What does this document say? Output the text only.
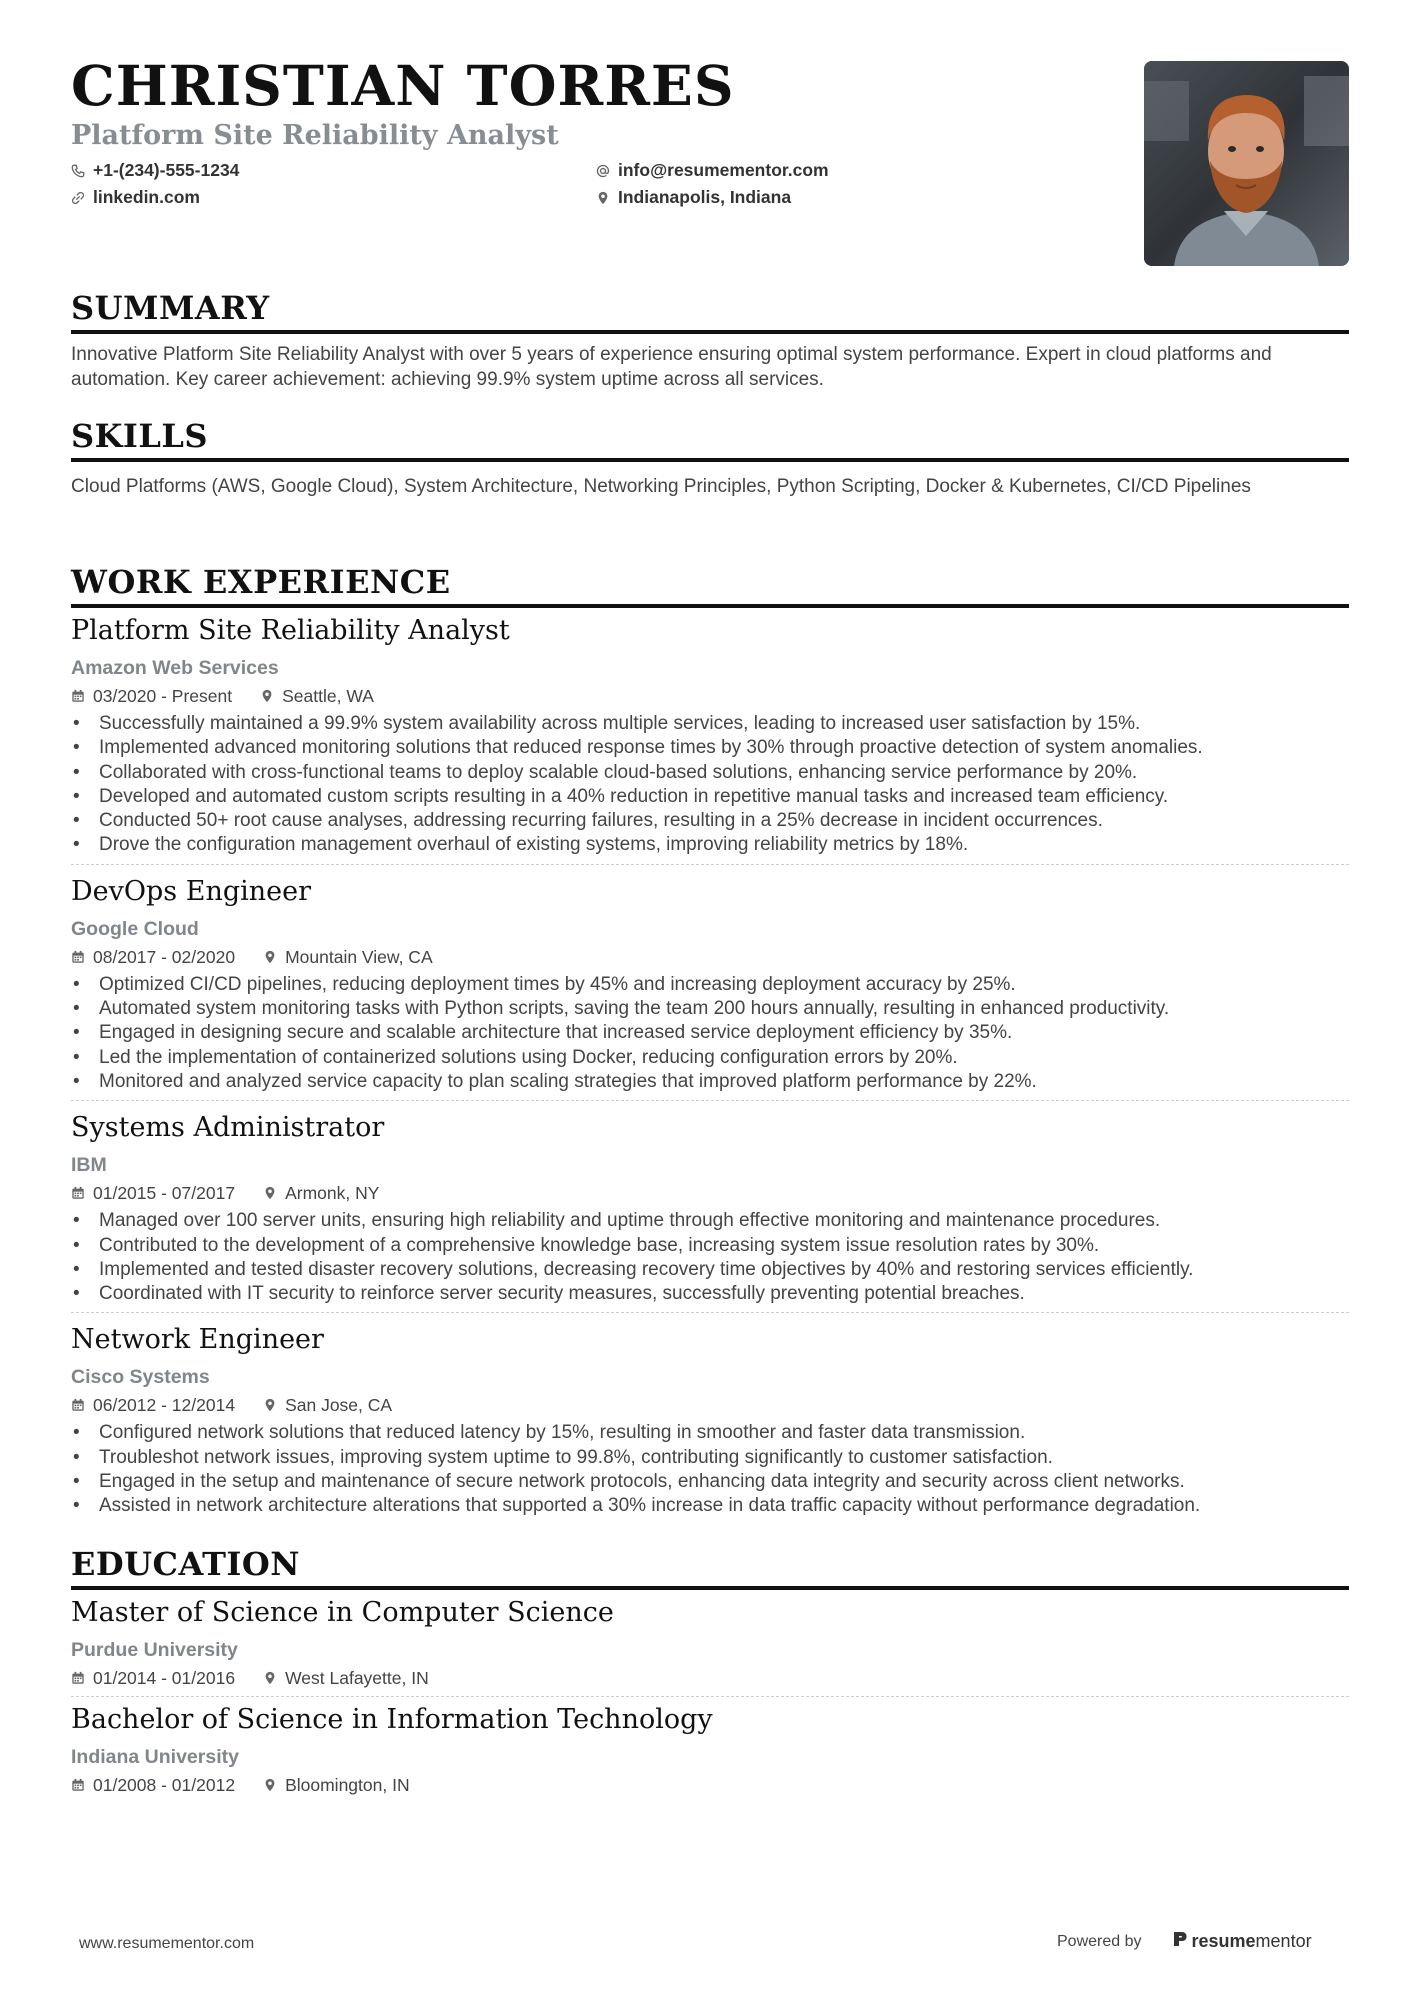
CHRISTIAN TORRES
Platform Site Reliability Analyst
+1-(234)-555-1234
linkedin.com
info@resumementor.com
Indianapolis, Indiana
SUMMARY
Innovative Platform Site Reliability Analyst with over 5 years of experience ensuring optimal system performance. Expert in cloud platforms and automation. Key career achievement: achieving 99.9% system uptime across all services.
SKILLS
Cloud Platforms (AWS, Google Cloud), System Architecture, Networking Principles, Python Scripting, Docker & Kubernetes, CI/CD Pipelines
WORK EXPERIENCE
Platform Site Reliability Analyst
Amazon Web Services
03/2020 - Present	Seattle, WA
• Successfully maintained a 99.9% system availability across multiple services, leading to increased user satisfaction by 15%.
• Implemented advanced monitoring solutions that reduced response times by 30% through proactive detection of system anomalies.
• Collaborated with cross-functional teams to deploy scalable cloud-based solutions, enhancing service performance by 20%.
• Developed and automated custom scripts resulting in a 40% reduction in repetitive manual tasks and increased team efficiency.
• Conducted 50+ root cause analyses, addressing recurring failures, resulting in a 25% decrease in incident occurrences.
• Drove the configuration management overhaul of existing systems, improving reliability metrics by 18%.
DevOps Engineer
Google Cloud
08/2017 - 02/2020	Mountain View, CA
• Optimized CI/CD pipelines, reducing deployment times by 45% and increasing deployment accuracy by 25%.
• Automated system monitoring tasks with Python scripts, saving the team 200 hours annually, resulting in enhanced productivity.
• Engaged in designing secure and scalable architecture that increased service deployment efficiency by 35%.
• Led the implementation of containerized solutions using Docker, reducing configuration errors by 20%.
• Monitored and analyzed service capacity to plan scaling strategies that improved platform performance by 22%.
Systems Administrator
IBM
01/2015 - 07/2017	Armonk, NY
• Managed over 100 server units, ensuring high reliability and uptime through effective monitoring and maintenance procedures.
• Contributed to the development of a comprehensive knowledge base, increasing system issue resolution rates by 30%.
• Implemented and tested disaster recovery solutions, decreasing recovery time objectives by 40% and restoring services efficiently.
• Coordinated with IT security to reinforce server security measures, successfully preventing potential breaches.
Network Engineer
Cisco Systems
06/2012 - 12/2014	San Jose, CA
• Configured network solutions that reduced latency by 15%, resulting in smoother and faster data transmission.
• Troubleshot network issues, improving system uptime to 99.8%, contributing significantly to customer satisfaction.
• Engaged in the setup and maintenance of secure network protocols, enhancing data integrity and security across client networks.
• Assisted in network architecture alterations that supported a 30% increase in data traffic capacity without performance degradation.
EDUCATION
Master of Science in Computer Science
Purdue University
01/2014 - 01/2016	West Lafayette, IN
Bachelor of Science in Information Technology
Indiana University
01/2008 - 01/2012	Bloomington, IN
www.resumementor.com	Powered by	resume mentor
